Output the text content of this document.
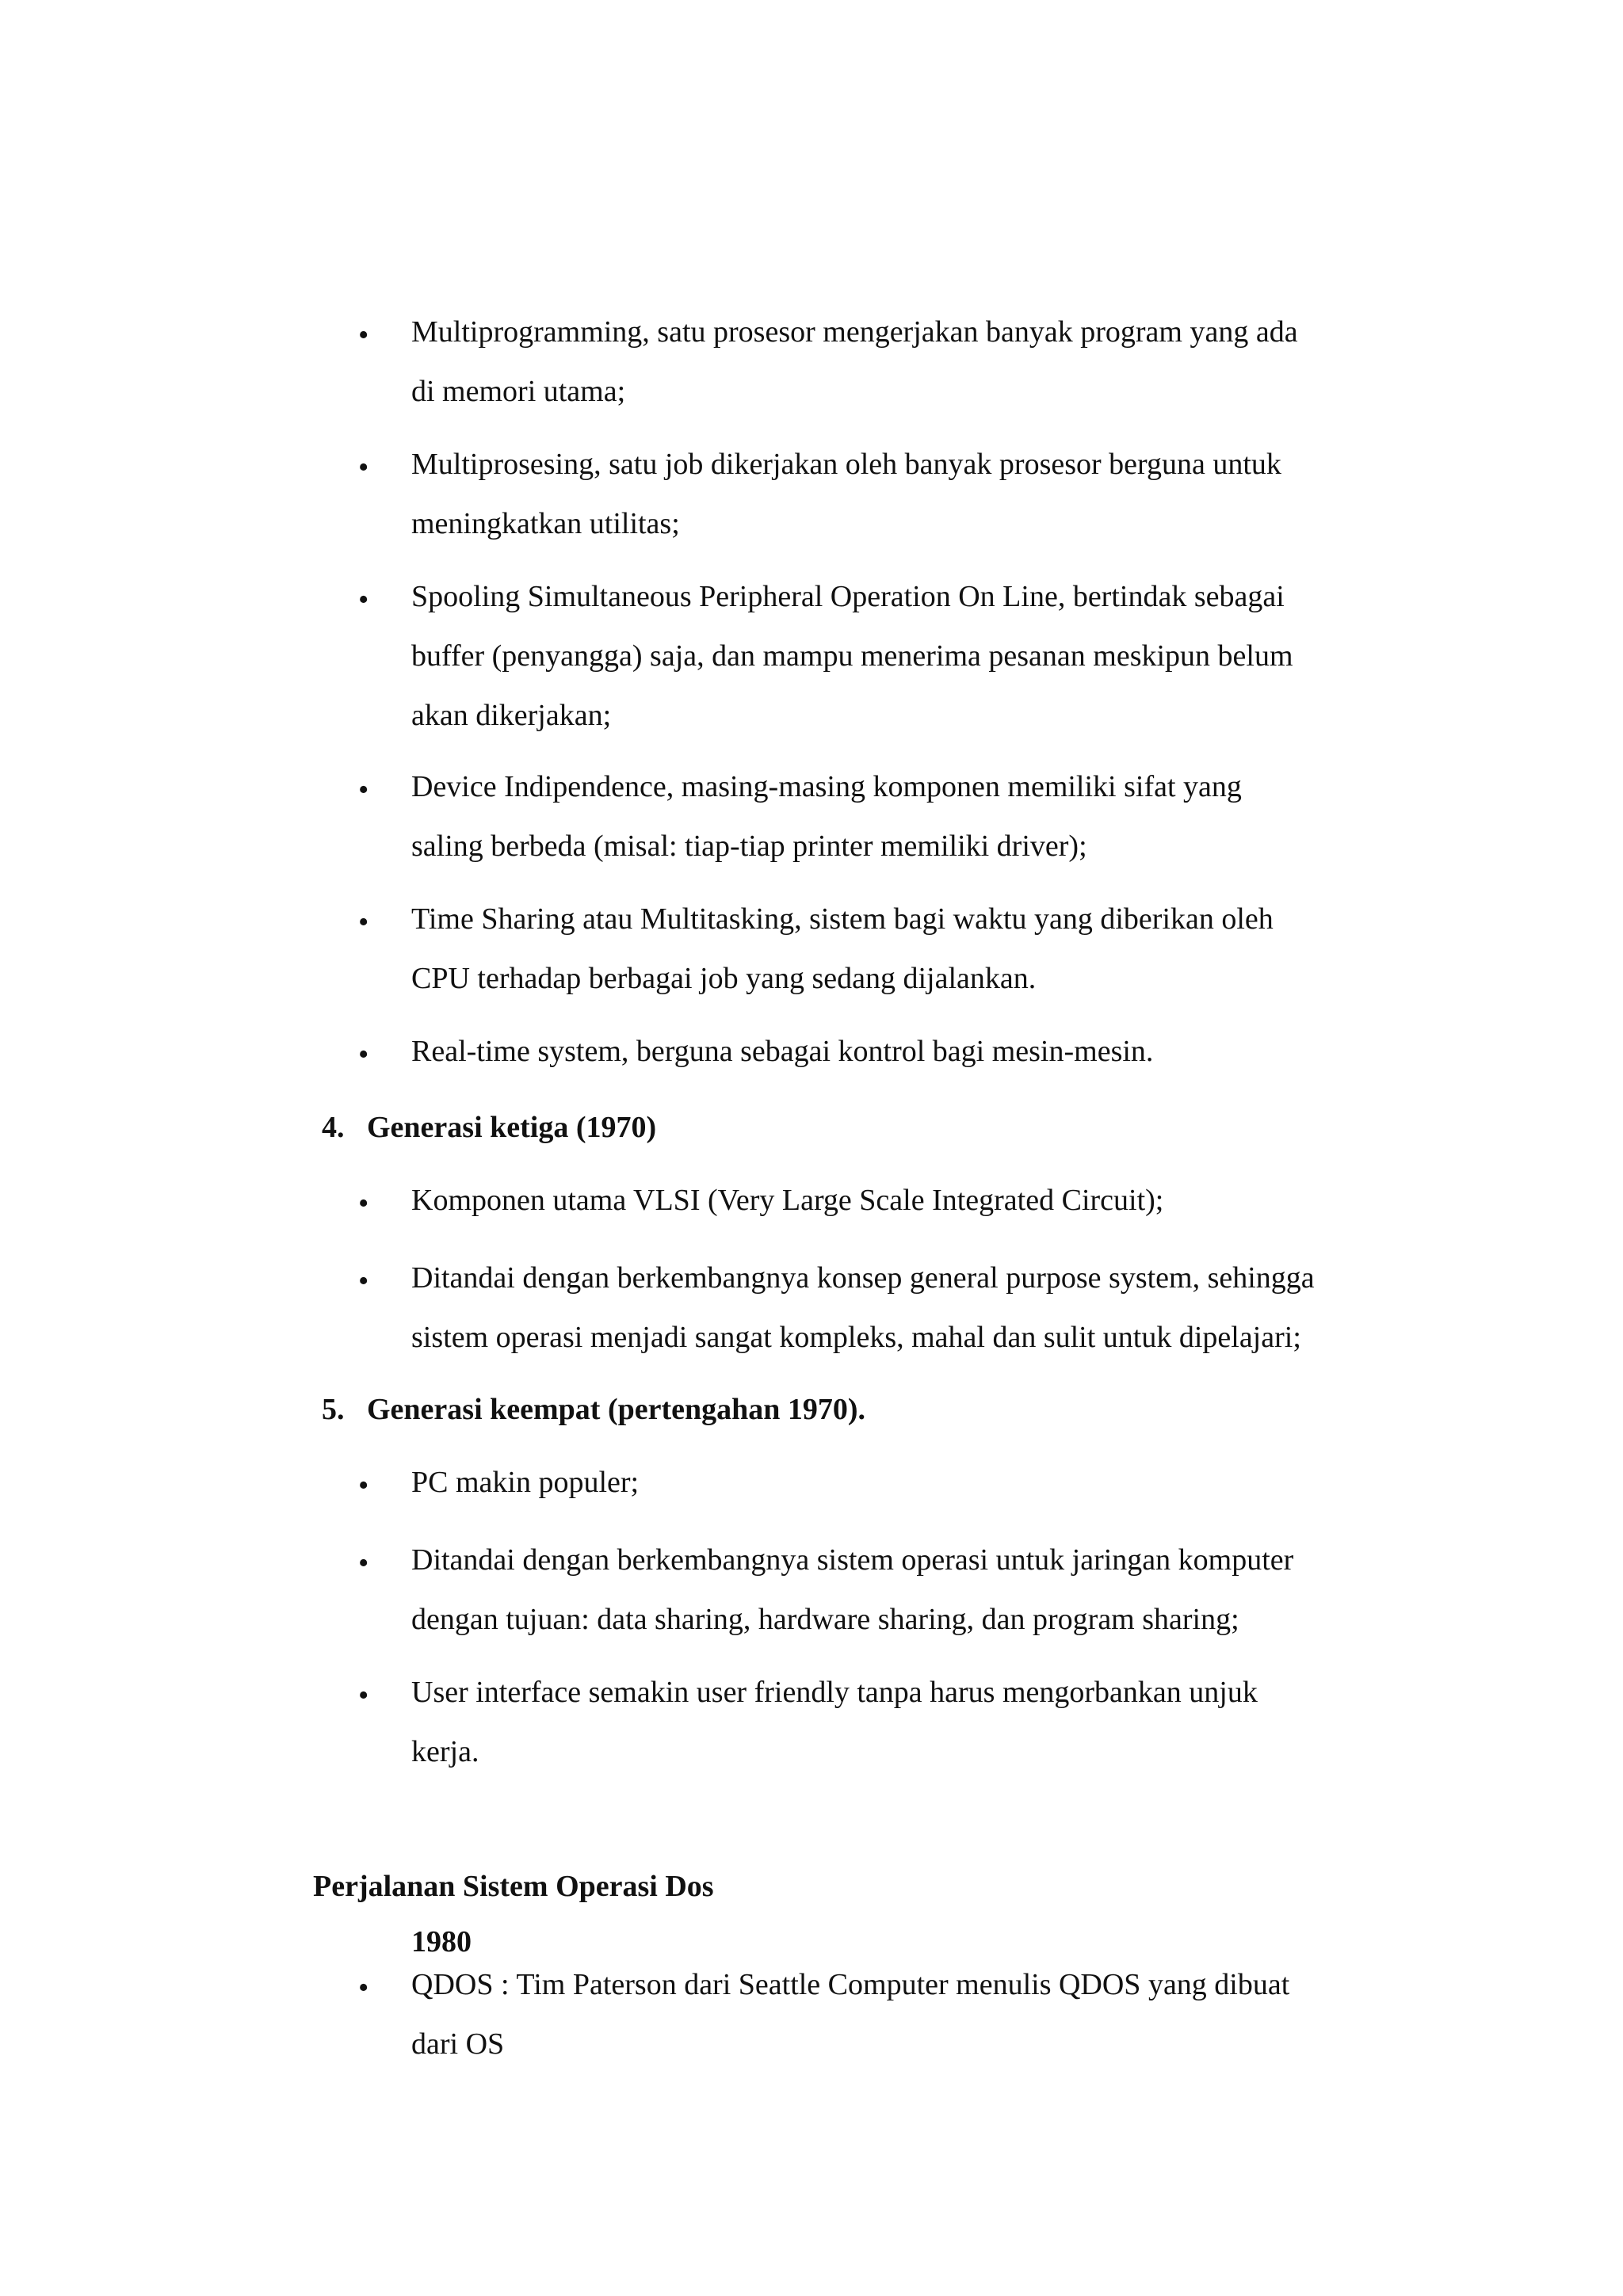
• Multiprogramming, satu prosesor mengerjakan banyak program yang ada
di memori utama;
• Multiprosesing, satu job dikerjakan oleh banyak prosesor berguna untuk
meningkatkan utilitas;
• Spooling Simultaneous Peripheral Operation On Line, bertindak sebagai
buffer (penyangga) saja, dan mampu menerima pesanan meskipun belum
akan dikerjakan;
• Device Indipendence, masing-masing komponen memiliki sifat yang
saling berbeda (misal: tiap-tiap printer memiliki driver);
• Time Sharing atau Multitasking, sistem bagi waktu yang diberikan oleh
CPU terhadap berbagai job yang sedang dijalankan.
• Real-time system, berguna sebagai kontrol bagi mesin-mesin.
4.   Generasi ketiga (1970)
• Komponen utama VLSI (Very Large Scale Integrated Circuit);
• Ditandai dengan berkembangnya konsep general purpose system, sehingga
sistem operasi menjadi sangat kompleks, mahal dan sulit untuk dipelajari;
5.   Generasi keempat (pertengahan 1970).
• PC makin populer;
• Ditandai dengan berkembangnya sistem operasi untuk jaringan komputer
dengan tujuan: data sharing, hardware sharing, dan program sharing;
• User interface semakin user friendly tanpa harus mengorbankan unjuk
kerja.
Perjalanan Sistem Operasi Dos
1980
• QDOS : Tim Paterson dari Seattle Computer menulis QDOS yang dibuat
dari OS
